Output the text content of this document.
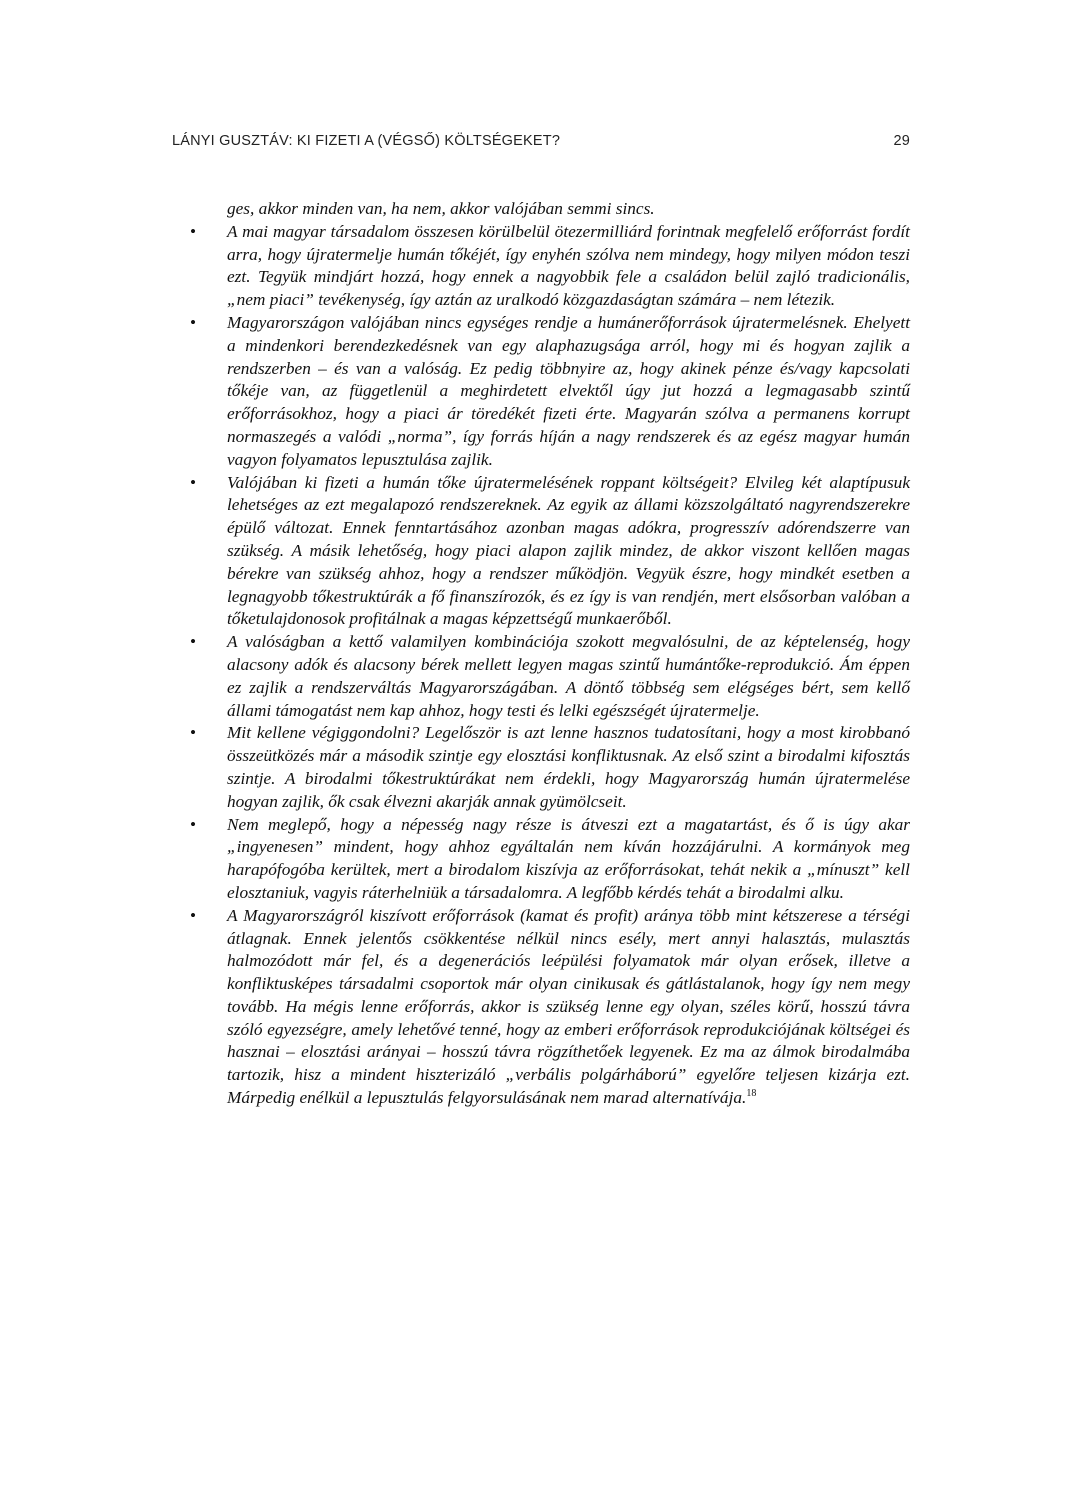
LÁNYI GUSZTÁV: KI FIZETI A (VÉGSŐ) KÖLTSÉGEKET?	29

ges, akkor minden van, ha nem, akkor valójában semmi sincs.

• A mai magyar társadalom összesen körülbelül ötezermilliárd forintnak megfelelő erőforrást fordít arra, hogy újratermelje humán tőkéjét, így enyhén szólva nem mindegy, hogy milyen módon teszi ezt. Tegyük mindjárt hozzá, hogy ennek a nagyobbik fele a családon belül zajló tradicionális, „nem piaci” tevékenység, így aztán az uralkodó közgazdaságtan számára – nem létezik.

• Magyarországon valójában nincs egységes rendje a humánerőforrások újratermelésnek. Ehelyett a mindenkori berendezkedésnek van egy alaphazugsága arról, hogy mi és hogyan zajlik a rendszerben – és van a valóság. Ez pedig többnyire az, hogy akinek pénze és/vagy kapcsolati tőkéje van, az függetlenül a meghirdetett elvektől úgy jut hozzá a legmagasabb szintű erőforrásokhoz, hogy a piaci ár töredékét fizeti érte. Magyarán szólva a permanens korrupt normaszegés a valódi „norma”, így forrás híján a nagy rendszerek és az egész magyar humán vagyon folyamatos lepusztulása zajlik.

• Valójában ki fizeti a humán tőke újratermelésének roppant költségeit? Elvileg két alaptípusuk lehetséges az ezt megalapozó rendszereknek. Az egyik az állami közszolgáltató nagyrendszerekre épülő változat. Ennek fenntartásához azonban magas adókra, progresszív adórendszerre van szükség. A másik lehetőség, hogy piaci alapon zajlik mindez, de akkor viszont kellően magas bérekre van szükség ahhoz, hogy a rendszer működjön. Vegyük észre, hogy mindkét esetben a legnagyobb tőkestruktúrák a fő finanszírozók, és ez így is van rendjén, mert elsősorban valóban a tőketulajdonosok profitálnak a magas képzettségű munkaerőből.

• A valóságban a kettő valamilyen kombinációja szokott megvalósulni, de az képtelenség, hogy alacsony adók és alacsony bérek mellett legyen magas szintű humántőke-reprodukció. Ám éppen ez zajlik a rendszerváltás Magyarországában. A döntő többség sem elégséges bért, sem kellő állami támogatást nem kap ahhoz, hogy testi és lelki egészségét újratermelje.

• Mit kellene végiggondolni? Legelőször is azt lenne hasznos tudatosítani, hogy a most kirobbanó összeütközés már a második szintje egy elosztási konfliktusnak. Az első szint a birodalmi kifosztás szintje. A birodalmi tőkestruktúrákat nem érdekli, hogy Magyarország humán újratermelése hogyan zajlik, ők csak élvezni akarják annak gyümölcseit.

• Nem meglepő, hogy a népesség nagy része is átveszi ezt a magatartást, és ő is úgy akar „ingyenesen” mindent, hogy ahhoz egyáltalán nem kíván hozzájárulni. A kormányok meg harapófogóba kerültek, mert a birodalom kiszívja az erőforrásokat, tehát nekik a „mínuszt” kell elosztaniuk, vagyis ráterhelniük a társadalomra. A legfőbb kérdés tehát a birodalmi alku.

• A Magyarországról kiszívott erőforrások (kamat és profit) aránya több mint kétszerese a térségi átlagnak. Ennek jelentős csökkentése nélkül nincs esély, mert annyi halasztás, mulasztás halmozódott már fel, és a degenerációs leépülési folyamatok már olyan erősek, illetve a konfliktusképes társadalmi csoportok már olyan cinikusak és gátlástalanok, hogy így nem megy tovább. Ha mégis lenne erőforrás, akkor is szükség lenne egy olyan, széles körű, hosszú távra szóló egyezségre, amely lehetővé tenné, hogy az emberi erőforrások reprodukciójának költségei és hasznai – elosztási arányai – hosszú távra rögzíthetőek legyenek. Ez ma az álmok birodalmába tartozik, hisz a mindent hiszterizáló „verbális polgárháború” egyelőre teljesen kizárja ezt. Márpedig enélkül a lepusztulás felgyorsulásának nem marad alternatívája.$^{18}$
